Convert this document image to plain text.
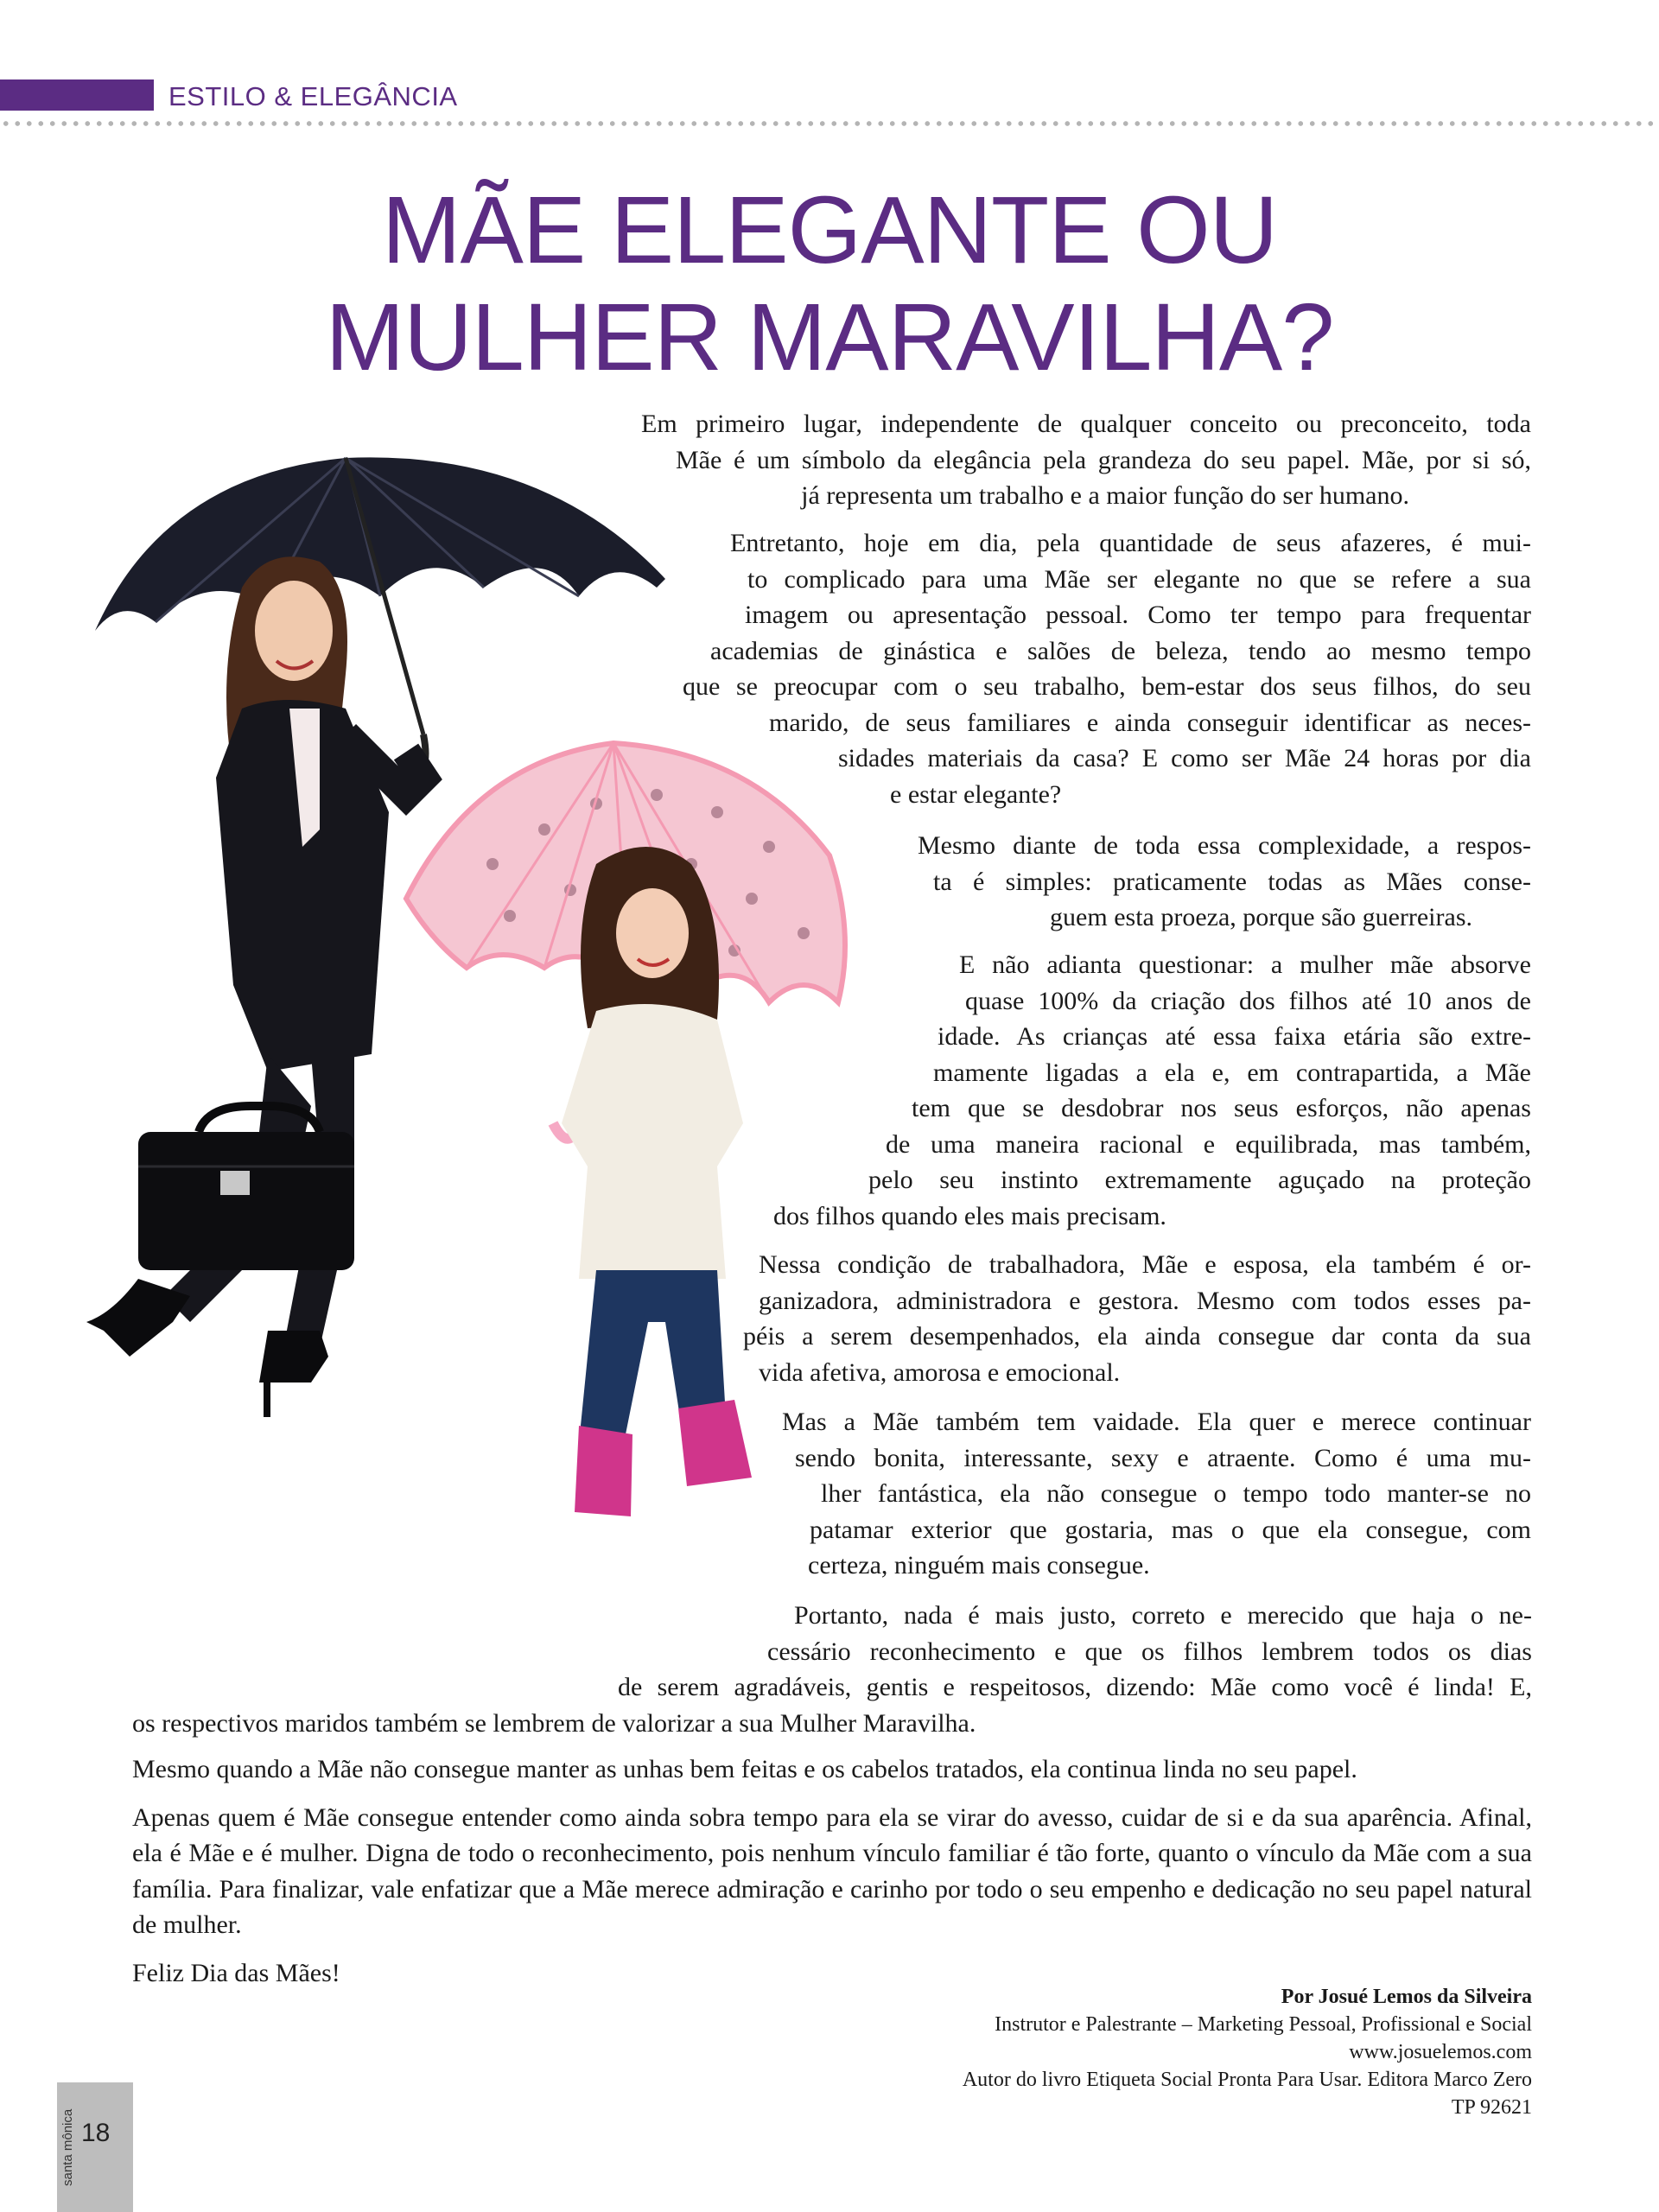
ESTILO & ELEGÂNCIA
MÃE ELEGANTE OU
MULHER MARAVILHA?
Em primeiro lugar, independente de qualquer conceito ou preconceito, toda
Mãe é um símbolo da elegância pela grandeza do seu papel. Mãe, por si só,
já representa um trabalho e a maior função do ser humano.
Entretanto, hoje em dia, pela quantidade de seus afazeres, é mui-
to complicado para uma Mãe ser elegante no que se refere a sua
imagem ou apresentação pessoal. Como ter tempo para frequentar
academias de ginástica e salões de beleza, tendo ao mesmo tempo
que se preocupar com o seu trabalho, bem-estar dos seus filhos, do seu
marido, de seus familiares e ainda conseguir identificar as neces-
sidades materiais da casa? E como ser Mãe 24 horas por dia
e estar elegante?
Mesmo diante de toda essa complexidade, a respos-
ta é simples: praticamente todas as Mães conse-
guem esta proeza, porque são guerreiras.
E não adianta questionar: a mulher mãe absorve
quase 100% da criação dos filhos até 10 anos de
idade. As crianças até essa faixa etária são extre-
mamente ligadas a ela e, em contrapartida, a Mãe
tem que se desdobrar nos seus esforços, não apenas
de uma maneira racional e equilibrada, mas também,
pelo seu instinto extremamente aguçado na proteção
dos filhos quando eles mais precisam.
Nessa condição de trabalhadora, Mãe e esposa, ela também é or-
ganizadora, administradora e gestora. Mesmo com todos esses pa-
péis a serem desempenhados, ela ainda consegue dar conta da sua
vida afetiva, amorosa e emocional.
Mas a Mãe também tem vaidade. Ela quer e merece continuar
sendo bonita, interessante, sexy e atraente. Como é uma mu-
lher fantástica, ela não consegue o tempo todo manter-se no
patamar exterior que gostaria, mas o que ela consegue, com
certeza, ninguém mais consegue.
Portanto, nada é mais justo, correto e merecido que haja o ne-
cessário reconhecimento e que os filhos lembrem todos os dias
de serem agradáveis, gentis e respeitosos, dizendo: Mãe como você é linda! E,
os respectivos maridos também se lembrem de valorizar a sua Mulher Maravilha.

Mesmo quando a Mãe não consegue manter as unhas bem feitas e os cabelos tratados, ela continua linda no seu papel.

Apenas quem é Mãe consegue entender como ainda sobra tempo para ela se virar do avesso, cuidar de si e da sua aparência. Afinal, ela é Mãe e é mulher. Digna de todo o reconhecimento, pois nenhum vínculo familiar é tão forte, quanto o vínculo da Mãe com a sua família. Para finalizar, vale enfatizar que a Mãe merece admiração e carinho por todo o seu empenho e dedicação no seu papel natural de mulher.

Feliz Dia das Mães!

Por Josué Lemos da Silveira
Instrutor e Palestrante – Marketing Pessoal, Profissional e Social
www.josuelemos.com
Autor do livro Etiqueta Social Pronta Para Usar. Editora Marco Zero
TP 92621
santa mônica 18
